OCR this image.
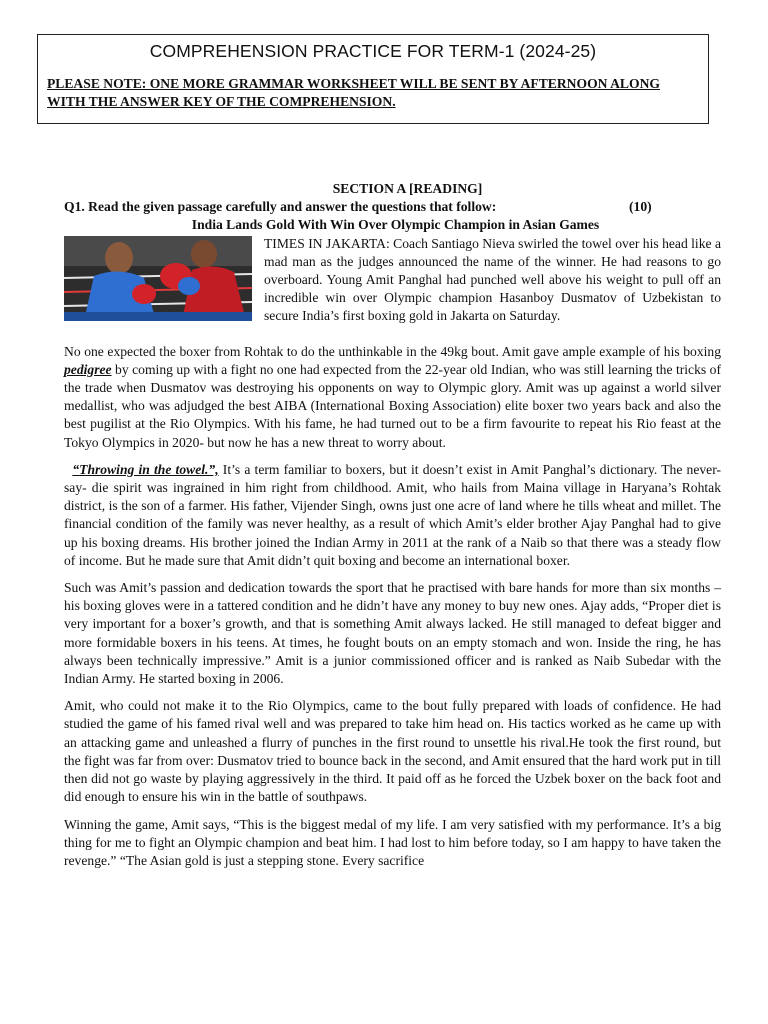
COMPREHENSION PRACTICE FOR TERM-1 (2024-25)
PLEASE NOTE: ONE MORE GRAMMAR WORKSHEET WILL BE SENT BY AFTERNOON ALONG WITH THE ANSWER KEY OF THE COMPREHENSION.

SECTION A [READING]

Q1. Read the given passage carefully and answer the questions that follow:	(10)

India Lands Gold With Win Over Olympic Champion in Asian Games

TIMES IN JAKARTA: Coach Santiago Nieva swirled the towel over his head like a mad man as the judges announced the name of the winner. He had reasons to go overboard. Young Amit Panghal had punched well above his weight to pull off an incredible win over Olympic champion Hasanboy Dusmatov of Uzbekistan to secure India’s first boxing gold in Jakarta on Saturday.

No one expected the boxer from Rohtak to do the unthinkable in the 49kg bout. Amit gave ample example of his boxing pedigree by coming up with a fight no one had expected from the 22-year old Indian, who was still learning the tricks of the trade when Dusmatov was destroying his opponents on way to Olympic glory. Amit was up against a world silver medallist, who was adjudged the best AIBA (International Boxing Association) elite boxer two years back and also the best pugilist at the Rio Olympics. With his fame, he had turned out to be a firm favourite to repeat his Rio feast at the Tokyo Olympics in 2020- but now he has a new threat to worry about.

“Throwing in the towel.”, It’s a term familiar to boxers, but it doesn’t exist in Amit Panghal’s dictionary. The never- say- die spirit was ingrained in him right from childhood. Amit, who hails from Maina village in Haryana’s Rohtak district, is the son of a farmer. His father, Vijender Singh, owns just one acre of land where he tills wheat and millet. The financial condition of the family was never healthy, as a result of which Amit’s elder brother Ajay Panghal had to give up his boxing dreams. His brother joined the Indian Army in 2011 at the rank of a Naib so that there was a steady flow of income. But he made sure that Amit didn’t quit boxing and become an international boxer.

Such was Amit’s passion and dedication towards the sport that he practised with bare hands for more than six months – his boxing gloves were in a tattered condition and he didn’t have any money to buy new ones. Ajay adds, “Proper diet is very important for a boxer’s growth, and that is something Amit always lacked. He still managed to defeat bigger and more formidable boxers in his teens. At times, he fought bouts on an empty stomach and won. Inside the ring, he has always been technically impressive.” Amit is a junior commissioned officer and is ranked as Naib Subedar with the Indian Army. He started boxing in 2006.

Amit, who could not make it to the Rio Olympics, came to the bout fully prepared with loads of confidence. He had studied the game of his famed rival well and was prepared to take him head on. His tactics worked as he came up with an attacking game and unleashed a flurry of punches in the first round to unsettle his rival.He took the first round, but the fight was far from over: Dusmatov tried to bounce back in the second, and Amit ensured that the hard work put in till then did not go waste by playing aggressively in the third. It paid off as he forced the Uzbek boxer on the back foot and did enough to ensure his win in the battle of southpaws.

Winning the game, Amit says, “This is the biggest medal of my life. I am very satisfied with my performance. It’s a big thing for me to fight an Olympic champion and beat him. I had lost to him before today, so I am happy to have taken the revenge.” “The Asian gold is just a stepping stone. Every sacrifice
